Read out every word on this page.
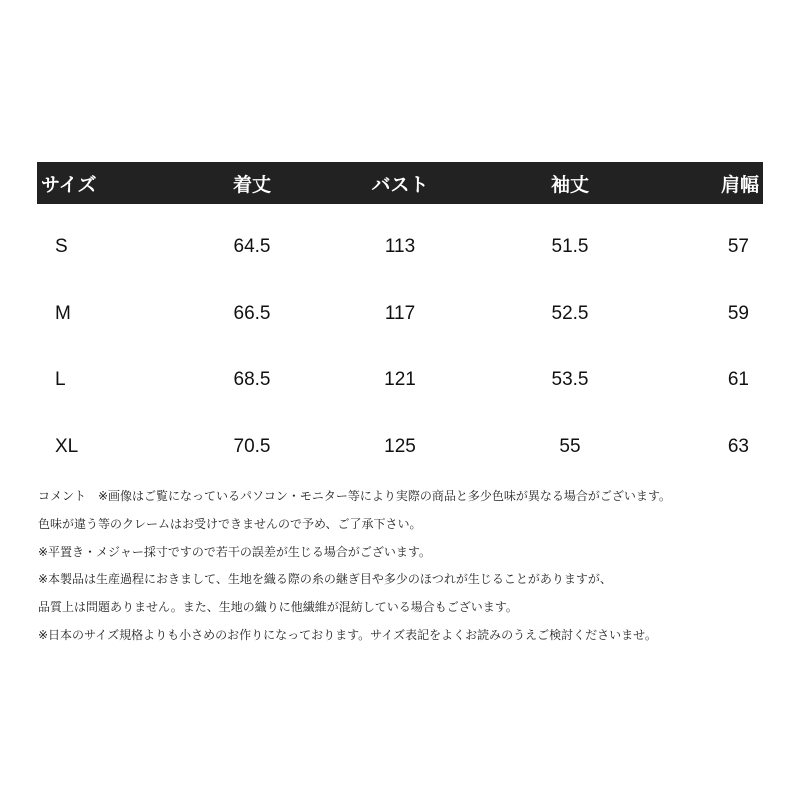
サイズ	着丈	バスト	袖丈	肩幅
S	64.5	113	51.5	57
M	66.5	117	52.5	59
L	68.5	121	53.5	61
XL	70.5	125	55	63
コメント　※画像はご覧になっているパソコン・モニター等により実際の商品と多少色味が異なる場合がございます。
色味が違う等のクレームはお受けできませんので予め、ご了承下さい。
※平置き・メジャー採寸ですので若干の誤差が生じる場合がございます。
※本製品は生産過程におきまして、生地を織る際の糸の継ぎ目や多少のほつれが生じることがありますが、
品質上は問題ありません。また、生地の織りに他繊維が混紡している場合もございます。
※日本のサイズ規格よりも小さめのお作りになっております。サイズ表記をよくお読みのうえご検討くださいませ。
